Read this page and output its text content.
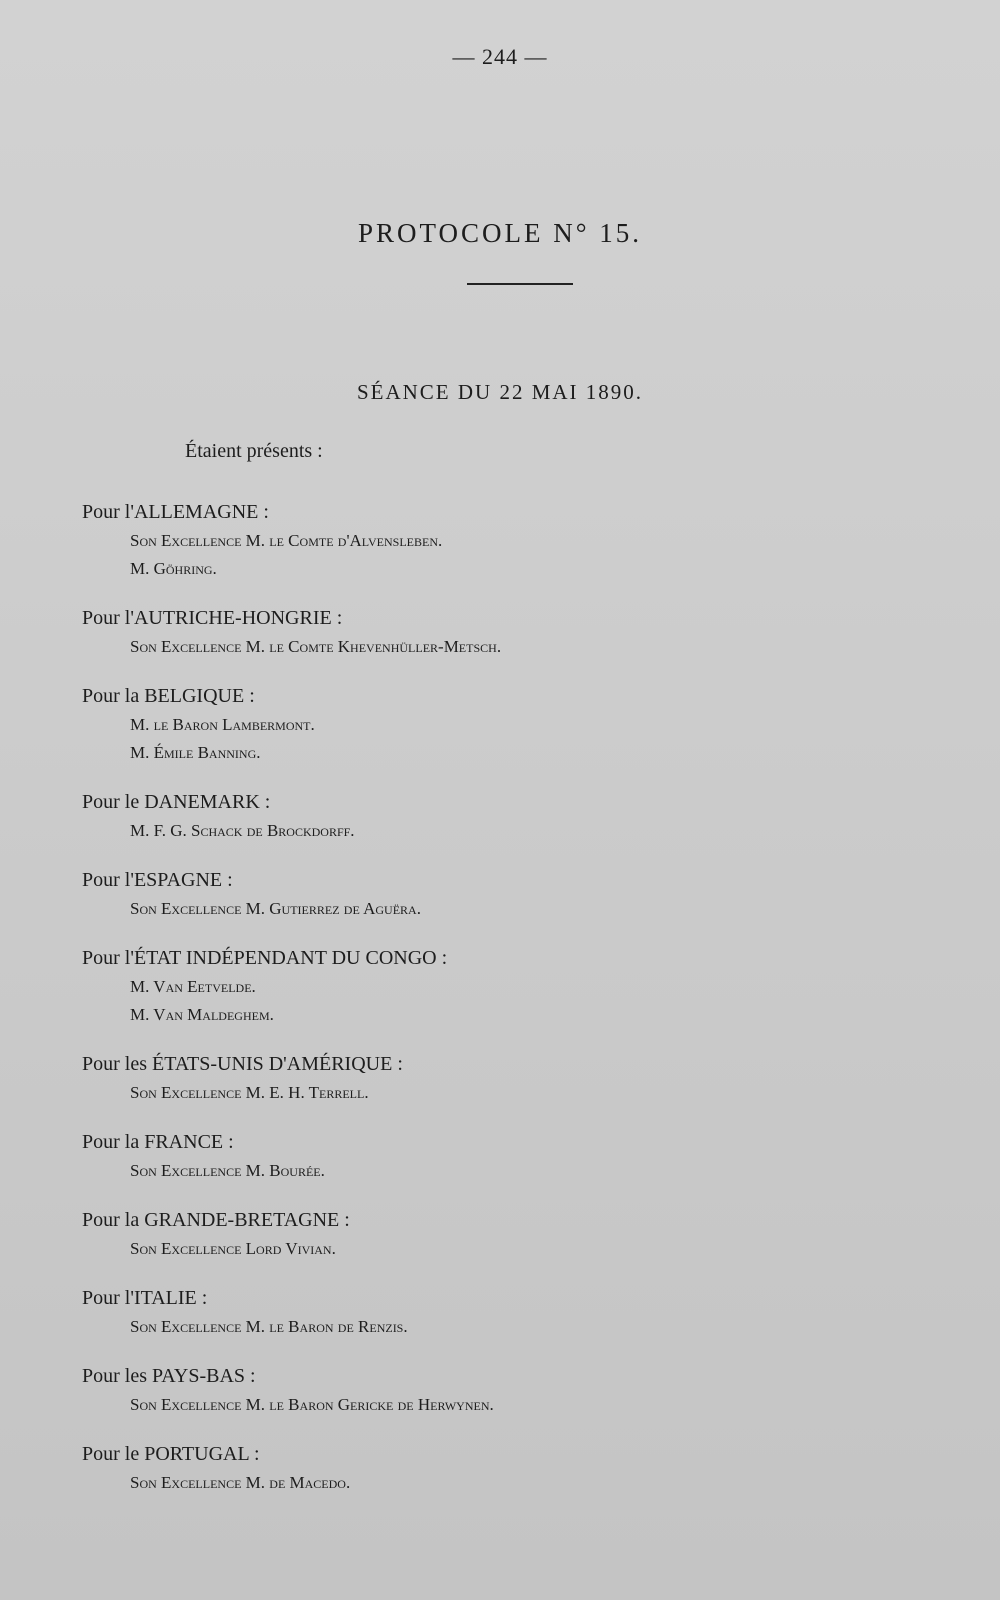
— 244 —
PROTOCOLE N° 15.
SÉANCE DU 22 MAI 1890.
Étaient présents :

Pour l'ALLEMAGNE :

Son Excellence M. le Comte d'Alvensleben.

M. Göhring.

Pour l'AUTRICHE-HONGRIE :

Son Excellence M. le Comte Khevenhüller-Metsch.

Pour la BELGIQUE :

M. le Baron Lambermont.

M. Émile Banning.

Pour le DANEMARK :

M. F. G. Schack de Brockdorff.

Pour l'ESPAGNE :

Son Excellence M. Gutierrez de Aguëra.

Pour l'ÉTAT INDÉPENDANT DU CONGO :

M. Van Eetvelde.

M. Van Maldeghem.

Pour les ÉTATS-UNIS D'AMÉRIQUE :

Son Excellence M. E. H. Terrell.

Pour la FRANCE :

Son Excellence M. Bourée.

Pour la GRANDE-BRETAGNE :

Son Excellence Lord Vivian.

Pour l'ITALIE :

Son Excellence M. le Baron de Renzis.

Pour les PAYS-BAS :

Son Excellence M. le Baron Gericke de Herwynen.

Pour le PORTUGAL :

Son Excellence M. de Macedo.
